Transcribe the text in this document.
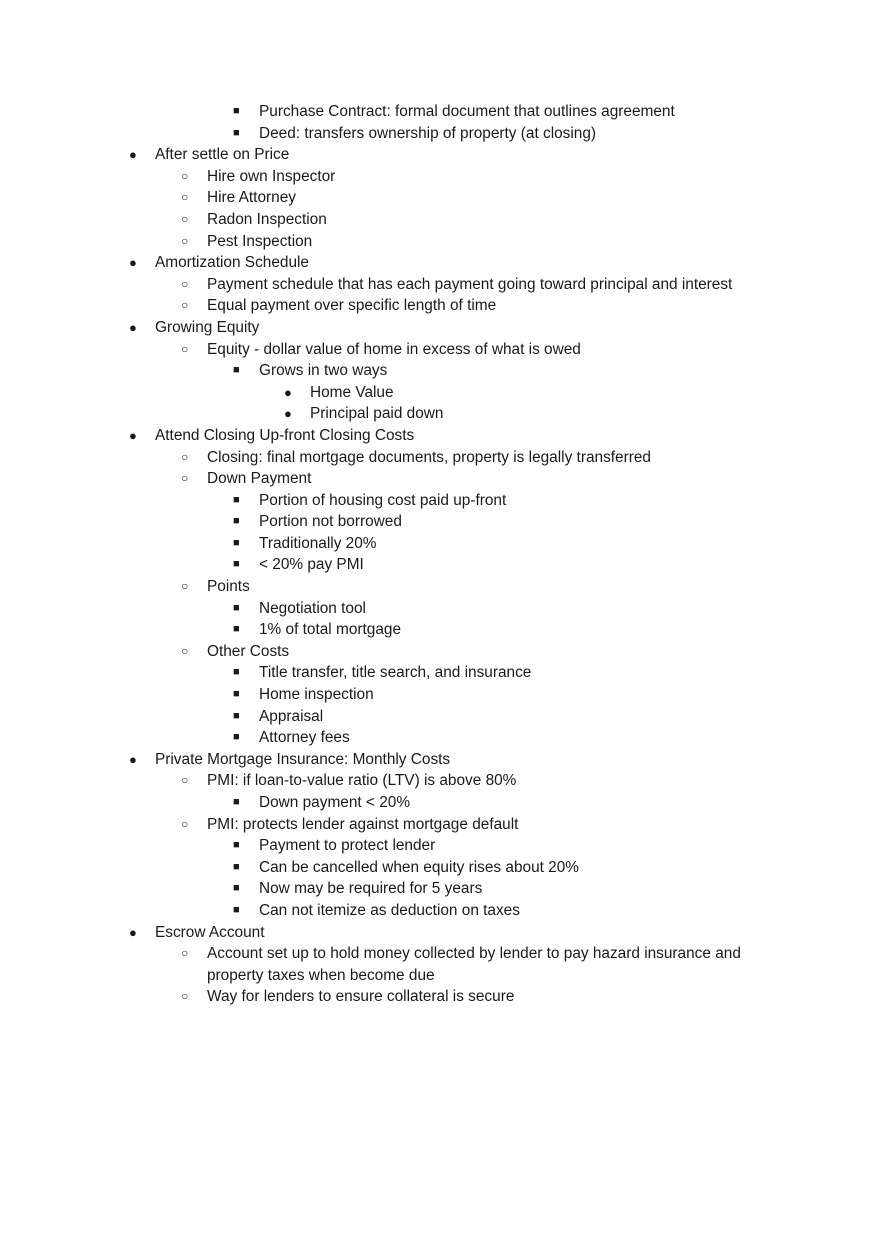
■ Purchase Contract: formal document that outlines agreement
■ Deed: transfers ownership of property (at closing)
● After settle on Price
○ Hire own Inspector
○ Hire Attorney
○ Radon Inspection
○ Pest Inspection
● Amortization Schedule
○ Payment schedule that has each payment going toward principal and interest
○ Equal payment over specific length of time
● Growing Equity
○ Equity - dollar value of home in excess of what is owed
■ Grows in two ways
● Home Value
● Principal paid down
● Attend Closing Up-front Closing Costs
○ Closing: final mortgage documents, property is legally transferred
○ Down Payment
■ Portion of housing cost paid up-front
■ Portion not borrowed
■ Traditionally 20%
■ < 20% pay PMI
○ Points
■ Negotiation tool
■ 1% of total mortgage
○ Other Costs
■ Title transfer, title search, and insurance
■ Home inspection
■ Appraisal
■ Attorney fees
● Private Mortgage Insurance: Monthly Costs
○ PMI: if loan-to-value ratio (LTV) is above 80%
■ Down payment < 20%
○ PMI: protects lender against mortgage default
■ Payment to protect lender
■ Can be cancelled when equity rises about 20%
■ Now may be required for 5 years
■ Can not itemize as deduction on taxes
● Escrow Account
○ Account set up to hold money collected by lender to pay hazard insurance and property taxes when become due
○ Way for lenders to ensure collateral is secure
